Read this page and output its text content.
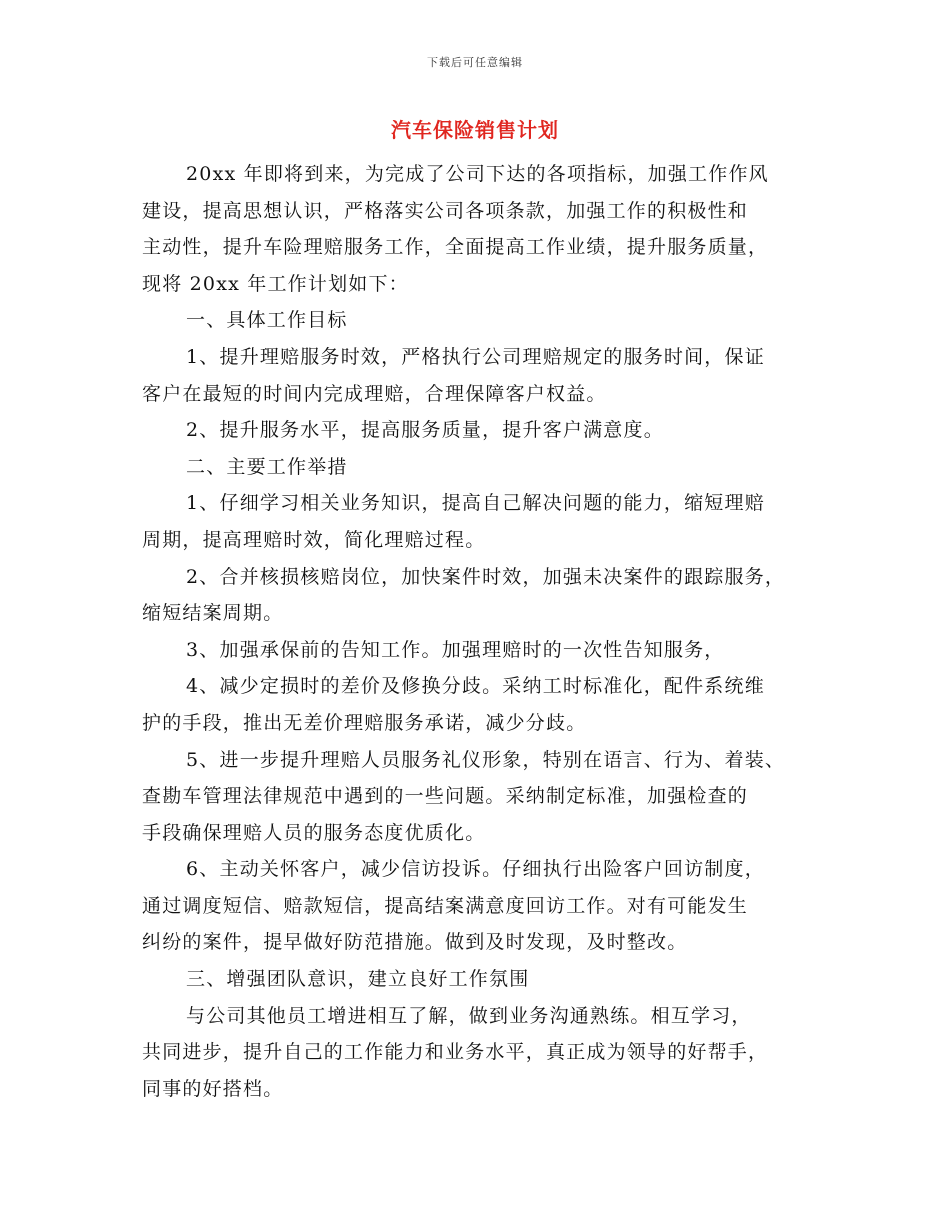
下载后可任意编辑
汽车保险销售计划
20xx 年即将到来，为完成了公司下达的各项指标，加强工作作风
建设，提高思想认识，严格落实公司各项条款，加强工作的积极性和
主动性，提升车险理赔服务工作，全面提高工作业绩，提升服务质量，
现将 20xx 年工作计划如下：
一、具体工作目标
1、提升理赔服务时效，严格执行公司理赔规定的服务时间，保证
客户在最短的时间内完成理赔，合理保障客户权益。
2、提升服务水平，提高服务质量，提升客户满意度。
二、主要工作举措
1、仔细学习相关业务知识，提高自己解决问题的能力，缩短理赔
周期，提高理赔时效，简化理赔过程。
2、合并核损核赔岗位，加快案件时效，加强未决案件的跟踪服务，
缩短结案周期。
3、加强承保前的告知工作。加强理赔时的一次性告知服务，
4、减少定损时的差价及修换分歧。采纳工时标准化，配件系统维
护的手段，推出无差价理赔服务承诺，减少分歧。
5、进一步提升理赔人员服务礼仪形象，特别在语言、行为、着装、
查勘车管理法律规范中遇到的一些问题。采纳制定标准，加强检查的
手段确保理赔人员的服务态度优质化。
6、主动关怀客户，减少信访投诉。仔细执行出险客户回访制度，
通过调度短信、赔款短信，提高结案满意度回访工作。对有可能发生
纠纷的案件，提早做好防范措施。做到及时发现，及时整改。
三、增强团队意识，建立良好工作氛围
与公司其他员工增进相互了解，做到业务沟通熟练。相互学习，
共同进步，提升自己的工作能力和业务水平，真正成为领导的好帮手，
同事的好搭档。
